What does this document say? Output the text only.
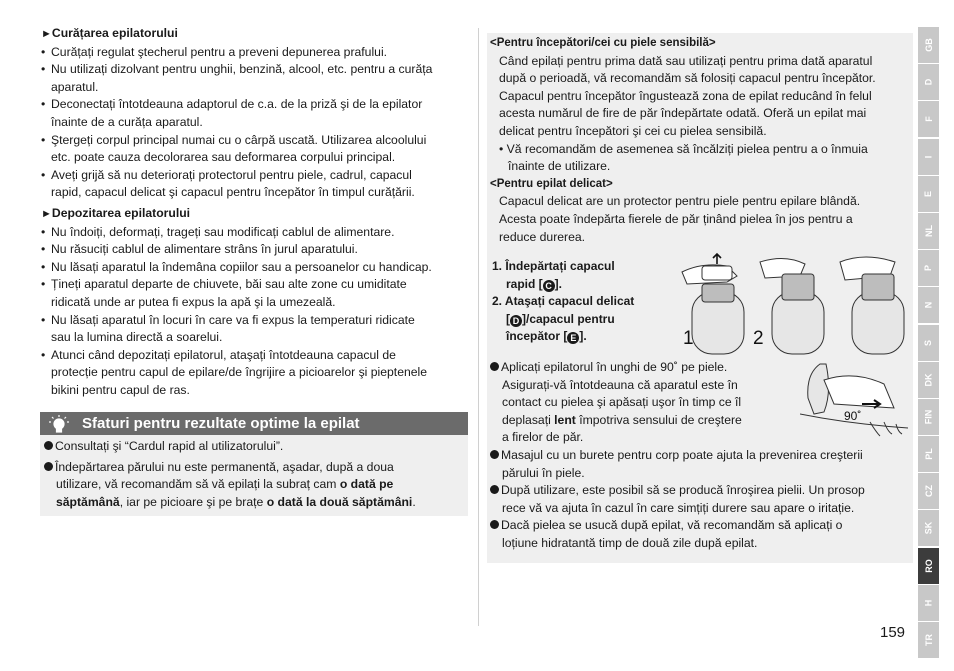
►Curățarea epilatorului
• Curățați regulat ştecherul pentru a preveni depunerea prafului.
• Nu utilizați dizolvant pentru unghii, benzină, alcool, etc. pentru a curăța
aparatul.
• Deconectați întotdeauna adaptorul de c.a. de la priză şi de la epilator
înainte de a curăța aparatul.
• Ştergeți corpul principal numai cu o cârpă uscată. Utilizarea alcoolului
etc. poate cauza decolorarea sau deformarea corpului principal.
• Aveți grijă să nu deteriorați protectorul pentru piele, cadrul, capacul
rapid, capacul delicat şi capacul pentru începător în timpul curățării.
►Depozitarea epilatorului
• Nu îndoiți, deformați, trageți sau modificați cablul de alimentare.
• Nu răsuciți cablul de alimentare strâns în jurul aparatului.
• Nu lăsați aparatul la îndemâna copiilor sau a persoanelor cu handicap.
• Țineți aparatul departe de chiuvete, băi sau alte zone cu umiditate
ridicată unde ar putea fi expus la apă şi la umezeală.
• Nu lăsați aparatul în locuri în care va fi expus la temperaturi ridicate
sau la lumina directă a soarelui.
• Atunci când depozitați epilatorul, ataşați întotdeauna capacul de
protecție pentru capul de epilare/de îngrijire a picioarelor şi pieptenele
bikini pentru capul de ras.
Sfaturi pentru rezultate optime la epilat
Consultați şi “Cardul rapid al utilizatorului”.
Îndepărtarea părului nu este permanentă, aşadar, după a doua
utilizare, vă recomandăm să vă epilați la subraț cam o dată pe
săptămână, iar pe picioare şi pe brațe o dată la două săptămâni.
<Pentru începători/cei cu piele sensibilă>
Când epilați pentru prima dată sau utilizați pentru prima dată aparatul
după o perioadă, vă recomandăm să folosiți capacul pentru începător.
Capacul pentru începător îngustează zona de epilat reducând în felul
acesta numărul de fire de păr îndepărtate odată. Oferă un epilat mai
delicat pentru începători şi cei cu pielea sensibilă.
• Vă recomandăm de asemenea să încălziți pielea pentru a o înmuia
înainte de utilizare.
<Pentru epilat delicat>
Capacul delicat are un protector pentru piele pentru epilare blândă.
Acesta poate îndepărta fierele de păr ținând pielea în jos pentru a
reduce durerea.
1. Îndepărtați capacul
rapid [ C ].
2. Ataşați capacul delicat
[ D ]/capacul pentru
începător [ E ].	1	2
90˚
Aplicați epilatorul în unghi de 90˚ pe piele.
Asigurați-vă întotdeauna că aparatul este în
contact cu pielea şi apăsați uşor în timp ce îl
deplasați lent împotriva sensului de creştere
a firelor de păr.
Masajul cu un burete pentru corp poate ajuta la prevenirea creşterii
părului în piele.
După utilizare, este posibil să se producă înroşirea pielii. Un prosop
rece vă va ajuta în cazul în care simțiți durere sau apare o iritație.
Dacă pielea se usucă după epilat, vă recomandăm să aplicați o
loțiune hidratantă timp de două zile după epilat.
159
GB
D
F
I
E
NL
P
N
S
DK
FIN
PL
CZ
SK
RO
H
TR
